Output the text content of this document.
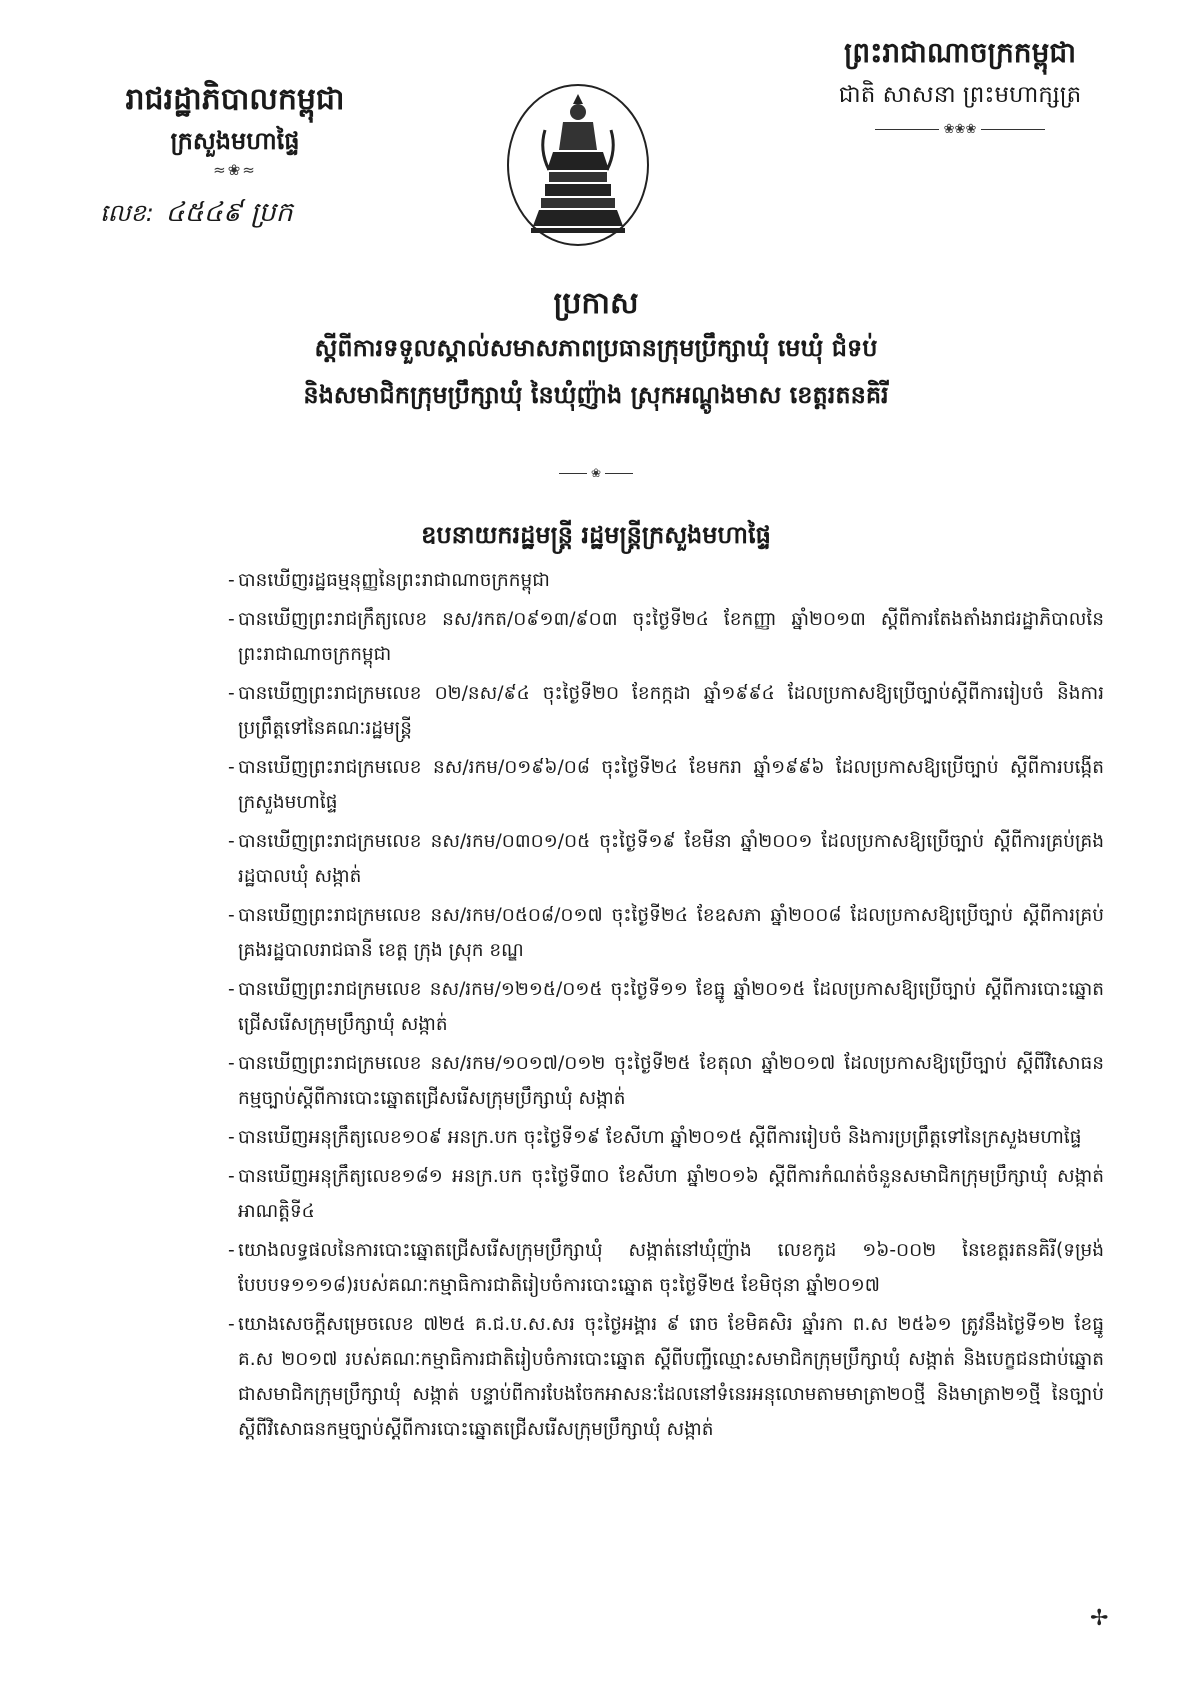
រាជរដ្ឋាភិបាលកម្ពុជា
ក្រសួងមហាផ្ទៃ
≈❀≈
លេខ: ៤៥៤៩ ប្រក
ព្រះរាជាណាចក្រកម្ពុជា
ជាតិ សាសនា ព្រះមហាក្សត្រ
❀❀❀
ប្រកាស
ស្តីពីការទទួលស្គាល់សមាសភាពប្រធានក្រុមប្រឹក្សាឃុំ មេឃុំ ជំទប់
និងសមាជិកក្រុមប្រឹក្សាឃុំ នៃឃុំញ៉ាង ស្រុកអណ្តូងមាស ខេត្តរតនគិរី
❀
ឧបនាយករដ្ឋមន្ត្រី រដ្ឋមន្ត្រីក្រសួងមហាផ្ទៃ
- បានឃើញរដ្ឋធម្មនុញ្ញនៃព្រះរាជាណាចក្រកម្ពុជា
- បានឃើញព្រះរាជក្រឹត្យលេខ នស/រកត/០៩១៣/៩០៣ ចុះថ្ងៃទី២៤ ខែកញ្ញា ឆ្នាំ២០១៣ ស្តីពីការតែងតាំងរាជរដ្ឋាភិបាលនៃព្រះរាជាណាចក្រកម្ពុជា
- បានឃើញព្រះរាជក្រមលេខ ០២/នស/៩៤ ចុះថ្ងៃទី២០ ខែកក្កដា ឆ្នាំ១៩៩៤ ដែលប្រកាសឱ្យប្រើច្បាប់ស្តីពីការរៀបចំ និងការប្រព្រឹត្តទៅនៃគណៈរដ្ឋមន្ត្រី
- បានឃើញព្រះរាជក្រមលេខ នស/រកម/០១៩៦/០៨ ចុះថ្ងៃទី២៤ ខែមករា ឆ្នាំ១៩៩៦ ដែលប្រកាសឱ្យប្រើច្បាប់ ស្តីពីការបង្កើតក្រសួងមហាផ្ទៃ
- បានឃើញព្រះរាជក្រមលេខ នស/រកម/០៣០១/០៥ ចុះថ្ងៃទី១៩ ខែមីនា ឆ្នាំ២០០១ ដែលប្រកាសឱ្យប្រើច្បាប់ ស្តីពីការគ្រប់គ្រងរដ្ឋបាលឃុំ សង្កាត់
- បានឃើញព្រះរាជក្រមលេខ នស/រកម/០៥០៨/០១៧ ចុះថ្ងៃទី២៤ ខែឧសភា ឆ្នាំ២០០៨ ដែលប្រកាសឱ្យប្រើច្បាប់ ស្តីពីការគ្រប់គ្រងរដ្ឋបាលរាជធានី ខេត្ត ក្រុង ស្រុក ខណ្ឌ
- បានឃើញព្រះរាជក្រមលេខ នស/រកម/១២១៥/០១៥ ចុះថ្ងៃទី១១ ខែធ្នូ ឆ្នាំ២០១៥ ដែលប្រកាសឱ្យប្រើច្បាប់ ស្តីពីការបោះឆ្នោតជ្រើសរើសក្រុមប្រឹក្សាឃុំ សង្កាត់
- បានឃើញព្រះរាជក្រមលេខ នស/រកម/១០១៧/០១២ ចុះថ្ងៃទី២៥ ខែតុលា ឆ្នាំ២០១៧ ដែលប្រកាសឱ្យប្រើច្បាប់ ស្តីពីវិសោធនកម្មច្បាប់ស្តីពីការបោះឆ្នោតជ្រើសរើសក្រុមប្រឹក្សាឃុំ សង្កាត់
- បានឃើញអនុក្រឹត្យលេខ១០៩ អនក្រ.បក ចុះថ្ងៃទី១៩ ខែសីហា ឆ្នាំ២០១៥ ស្តីពីការរៀបចំ និងការប្រព្រឹត្តទៅនៃក្រសួងមហាផ្ទៃ
- បានឃើញអនុក្រឹត្យលេខ១៨១ អនក្រ.បក ចុះថ្ងៃទី៣០ ខែសីហា ឆ្នាំ២០១៦ ស្តីពីការកំណត់ចំនួនសមាជិកក្រុមប្រឹក្សាឃុំ សង្កាត់អាណត្តិទី៤
- យោងលទ្ធផលនៃការបោះឆ្នោតជ្រើសរើសក្រុមប្រឹក្សាឃុំ សង្កាត់នៅឃុំញ៉ាង លេខកូដ ១៦-០០២ នៃខេត្តរតនគិរី(ទម្រង់បែបបទ១១១៨)របស់គណៈកម្មាធិការជាតិរៀបចំការបោះឆ្នោត ចុះថ្ងៃទី២៥ ខែមិថុនា ឆ្នាំ២០១៧
- យោងសេចក្តីសម្រេចលេខ ៧២៥ គ.ជ.ប.ស.សរ ចុះថ្ងៃអង្គារ ៩ រោច ខែមិគសិរ ឆ្នាំរកា ព.ស ២៥៦១ ត្រូវនឹងថ្ងៃទី១២ ខែធ្នូ គ.ស ២០១៧ របស់គណៈកម្មាធិការជាតិរៀបចំការបោះឆ្នោត ស្តីពីបញ្ជីឈ្មោះសមាជិកក្រុមប្រឹក្សាឃុំ សង្កាត់ និងបេក្ខជនជាប់ឆ្នោតជាសមាជិកក្រុមប្រឹក្សាឃុំ សង្កាត់ បន្ទាប់ពីការបែងចែកអាសនៈដែលនៅទំនេរអនុលោមតាមមាត្រា២០ថ្មី និងមាត្រា២១ថ្មី នៃច្បាប់ ស្តីពីវិសោធនកម្មច្បាប់ស្តីពីការបោះឆ្នោតជ្រើសរើសក្រុមប្រឹក្សាឃុំ សង្កាត់
✢
